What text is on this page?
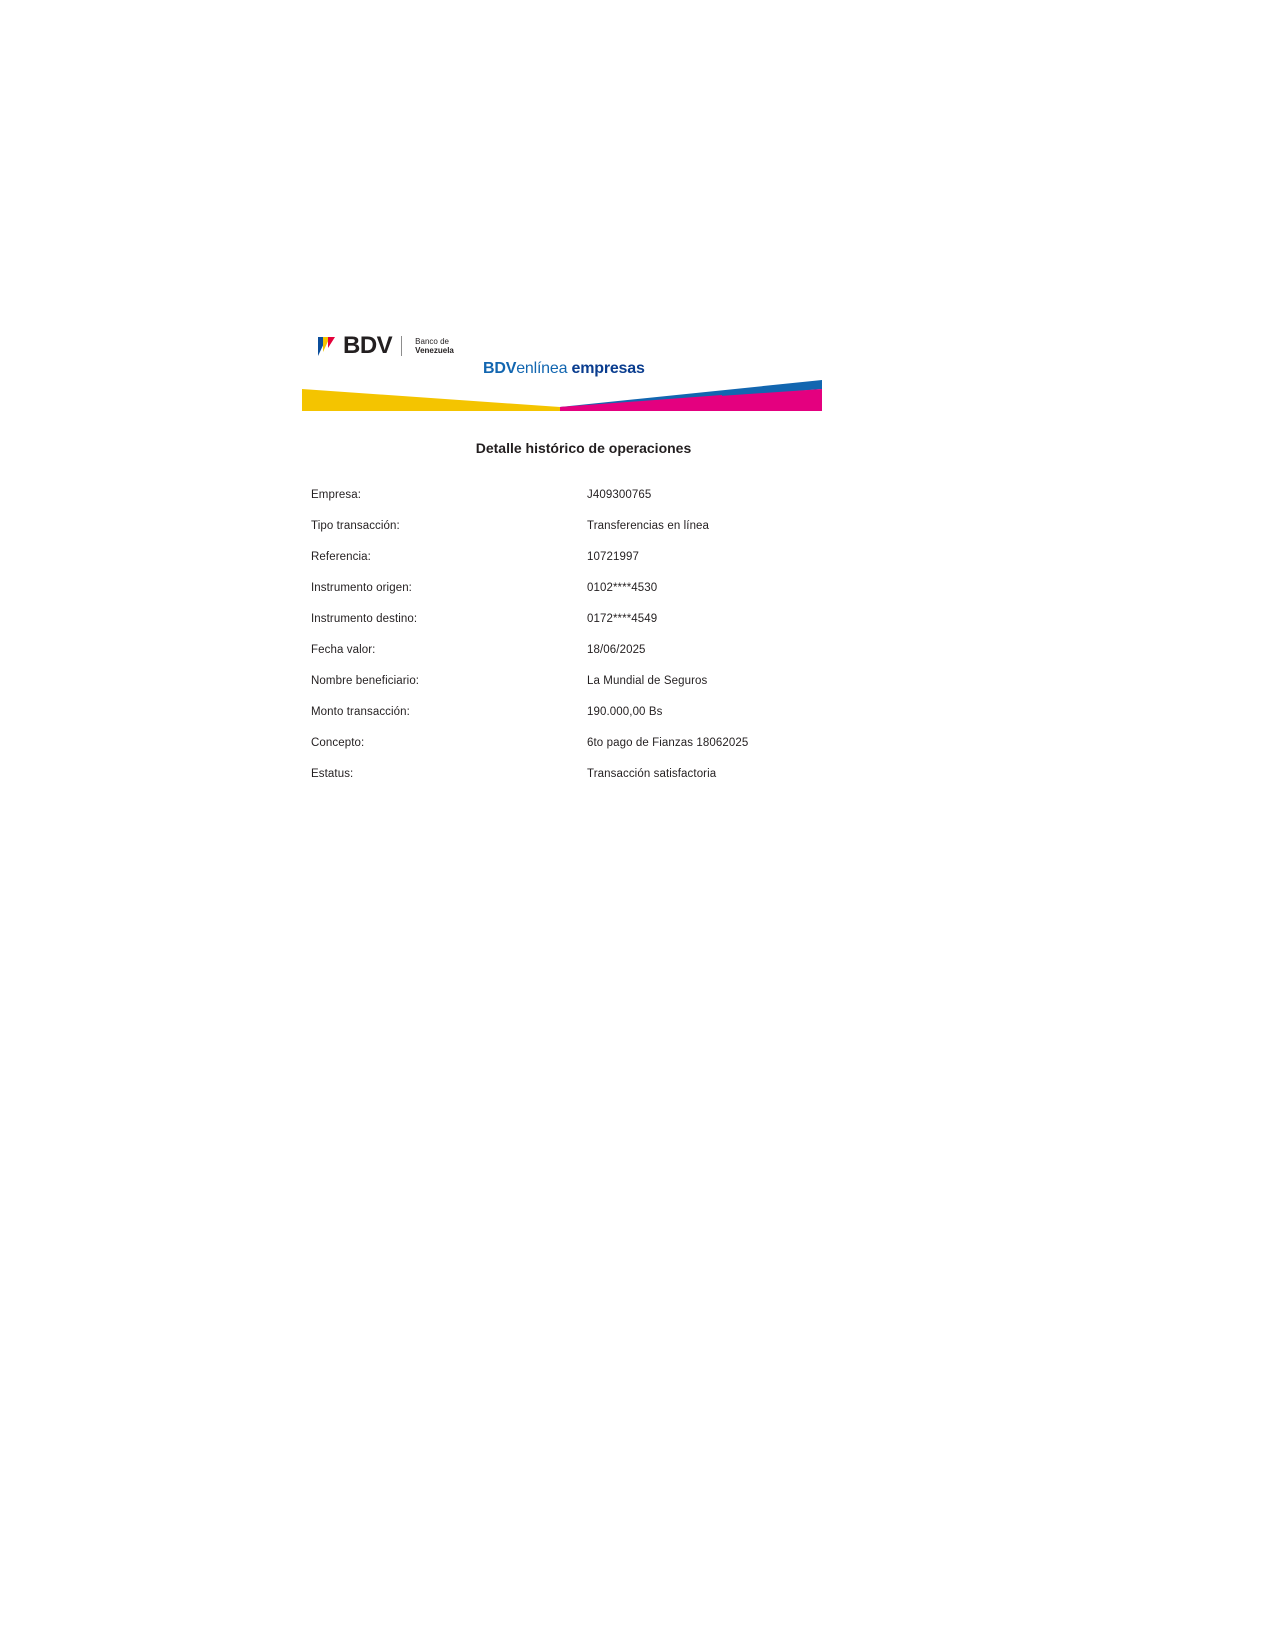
BDV	Banco de
Venezuela
BDVenlínea empresas
Detalle histórico de operaciones
Empresa:	J409300765
Tipo transacción:	Transferencias en línea
Referencia:	10721997
Instrumento origen:	0102****4530
Instrumento destino:	0172****4549
Fecha valor:	18/06/2025
Nombre beneficiario:	La Mundial de Seguros
Monto transacción:	190.000,00 Bs
Concepto:	6to pago de Fianzas 18062025
Estatus:	Transacción satisfactoria
